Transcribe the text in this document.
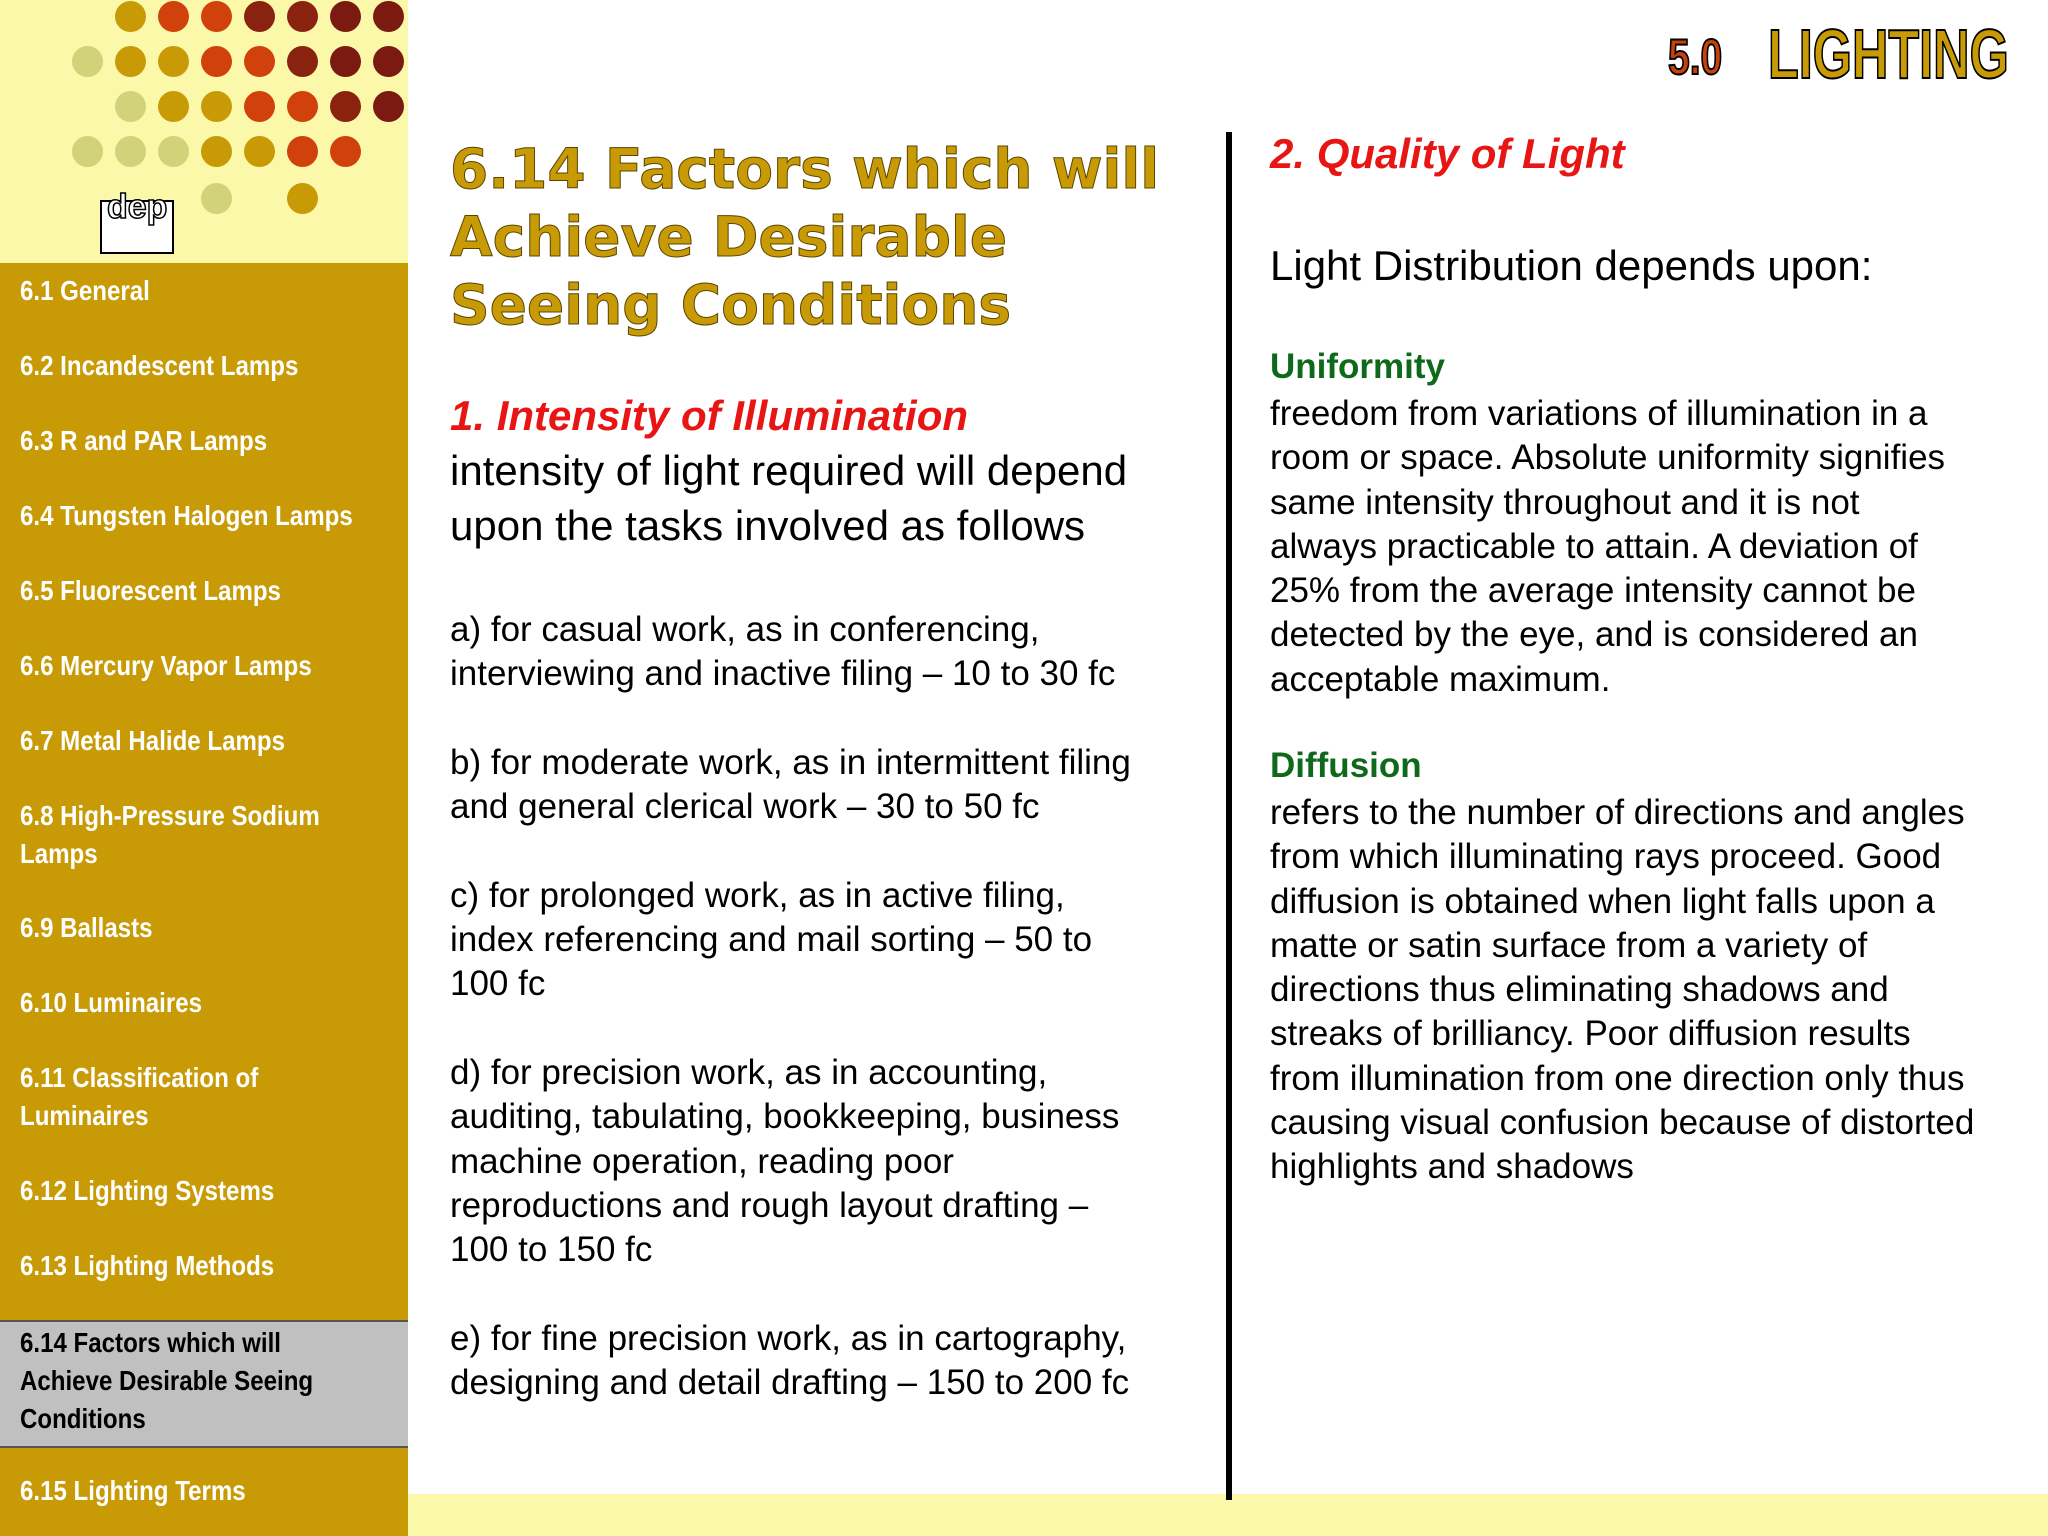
dep
6.1 General
6.2 Incandescent Lamps
6.3 R and PAR Lamps
6.4 Tungsten Halogen Lamps
6.5 Fluorescent Lamps
6.6 Mercury Vapor Lamps
6.7 Metal Halide Lamps
6.8 High-Pressure Sodium
Lamps
6.9 Ballasts
6.10 Luminaires
6.11 Classification of
Luminaires
6.12 Lighting Systems
6.13 Lighting Methods
6.14 Factors which will
Achieve Desirable Seeing
Conditions
6.15 Lighting Terms
5.0 LIGHTING
6.14 Factors which will
Achieve Desirable
Seeing Conditions
1. Intensity of Illumination
intensity of light required will depend
upon the tasks involved as follows
a) for casual work, as in conferencing,
interviewing and inactive filing – 10 to 30 fc
b) for moderate work, as in intermittent filing
and general clerical work – 30 to 50 fc
c) for prolonged work, as in active filing,
index referencing and mail sorting – 50 to
100 fc
d) for precision work, as in accounting,
auditing, tabulating, bookkeeping, business
machine operation, reading poor
reproductions and rough layout drafting –
100 to 150 fc
e) for fine precision work, as in cartography,
designing and detail drafting – 150 to 200 fc
2. Quality of Light
Light Distribution depends upon:
Uniformity
freedom from variations of illumination in a
room or space. Absolute uniformity signifies
same intensity throughout and it is not
always practicable to attain. A deviation of
25% from the average intensity cannot be
detected by the eye, and is considered an
acceptable maximum.
Diffusion
refers to the number of directions and angles
from which illuminating rays proceed. Good
diffusion is obtained when light falls upon a
matte or satin surface from a variety of
directions thus eliminating shadows and
streaks of brilliancy. Poor diffusion results
from illumination from one direction only thus
causing visual confusion because of distorted
highlights and shadows
